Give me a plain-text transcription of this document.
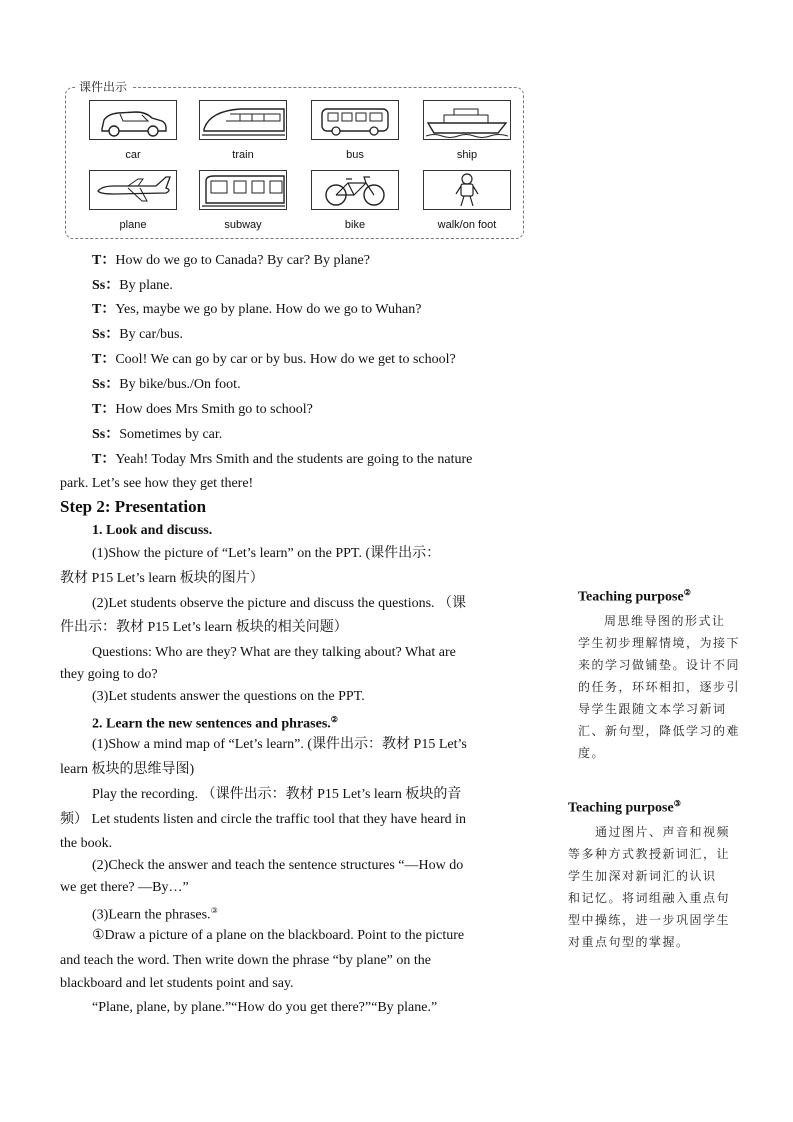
课件出示
car	train	bus	ship
plane	subway	bike	walk/on foot
T：How do we go to Canada? By car? By plane?
Ss：By plane.
T：Yes, maybe we go by plane. How do we go to Wuhan?
Ss：By car/bus.
T：Cool! We can go by car or by bus. How do we get to school?
Ss：By bike/bus./On foot.
T：How does Mrs Smith go to school?
Ss：Sometimes by car.
T：Yeah! Today Mrs Smith and the students are going to the nature
park. Let’s see how they get there!
Step 2: Presentation
1. Look and discuss.
(1)Show the picture of “Let’s learn” on the PPT. (课件出示：
教材 P15 Let’s learn 板块的图片）
(2)Let students observe the picture and discuss the questions. （课
件出示：教材 P15 Let’s learn 板块的相关问题）
Questions: Who are they? What are they talking about? What are
they going to do?
(3)Let students answer the questions on the PPT.
2. Learn the new sentences and phrases.②
(1)Show a mind map of “Let’s learn”. (课件出示：教材 P15 Let’s
learn 板块的思维导图)
Play the recording. （课件出示：教材 P15 Let’s learn 板块的音
频） Let students listen and circle the traffic tool that they have heard in
the book.
(2)Check the answer and teach the sentence structures “—How do
we get there? —By…”
(3)Learn the phrases.③
①Draw a picture of a plane on the blackboard. Point to the picture
and teach the word. Then write down the phrase “by plane” on the
blackboard and let students point and say.
“Plane, plane, by plane.”“How do you get there?”“By plane.”
Teaching purpose②
周思维导图的形式让
学生初步理解情境，为接下
来的学习做铺垫。设计不同
的任务，环环相扣，逐步引
导学生跟随文本学习新词
汇、新句型，降低学习的难
度。
Teaching purpose③
通过图片、声音和视频
等多种方式教授新词汇，让
学生加深对新词汇的认识
和记忆。将词组融入重点句
型中操练，进一步巩固学生
对重点句型的掌握。
